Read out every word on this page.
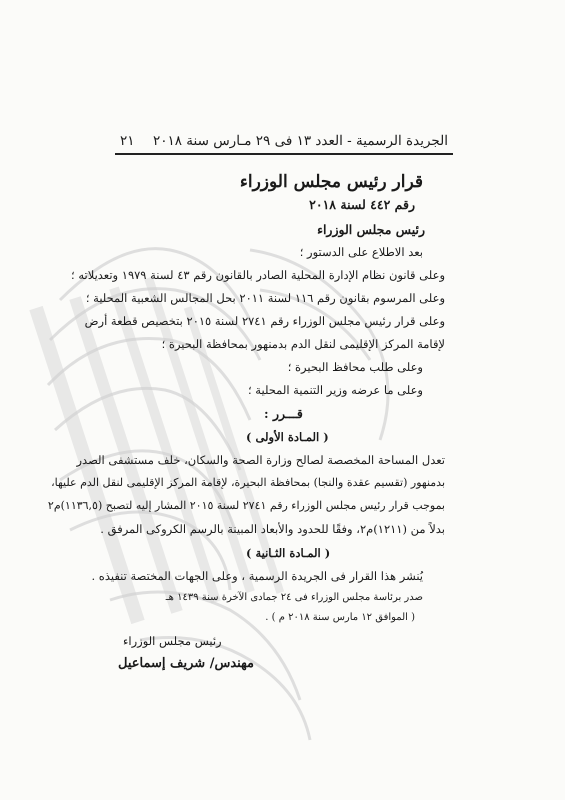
الجريدة الرسمية - العدد ١٣ فى ٢٩ مـارس سنة ٢٠١٨
٢١
قرار رئيس مجلس الوزراء
رقم ٤٤٢ لسنة ٢٠١٨
رئيس مجلس الوزراء
بعد الاطلاع على الدستور ؛
وعلى قانون نظام الإدارة المحلية الصادر بالقانون رقم ٤٣ لسنة ١٩٧٩ وتعديلاته ؛
وعلى المرسوم بقانون رقم ١١٦ لسنة ٢٠١١ بحل المجالس الشعبية المحلية ؛
وعلى قرار رئيس مجلس الوزراء رقم ٢٧٤١ لسنة ٢٠١٥ بتخصيص قطعة أرض
لإقامة المركز الإقليمى لنقل الدم بدمنهور بمحافظة البحيرة ؛
وعلى طلب محافظ البحيرة ؛
وعلى ما عرضه وزير التنمية المحلية ؛
قـــرر :
( المـادة الأولى )
تعدل المساحة المخصصة لصالح وزارة الصحة والسكان، خلف مستشفى الصدر
بدمنهور (تقسيم عقدة والنجا) بمحافظة البحيرة، لإقامة المركز الإقليمى لنقل الدم عليها،
بموجب قرار رئيس مجلس الوزراء رقم ٢٧٤١ لسنة ٢٠١٥ المشار إليه لتصبح (١١٣٦,٥)م٢
بدلاً من (١٢١١)م٢، وفقًا للحدود والأبعاد المبينة بالرسم الكروكى المرفق .
( المـادة الثـانية )
يُنشر هذا القرار فى الجريدة الرسمية ، وعلى الجهات المختصة تنفيذه .
صدر برئاسة مجلس الوزراء فى ٢٤ جمادى الآخرة سنة ١٤٣٩ هـ
( الموافق ١٢ مارس سنة ٢٠١٨ م ) .
رئيس مجلس الوزراء
مهندس/ شريف إسماعيل
